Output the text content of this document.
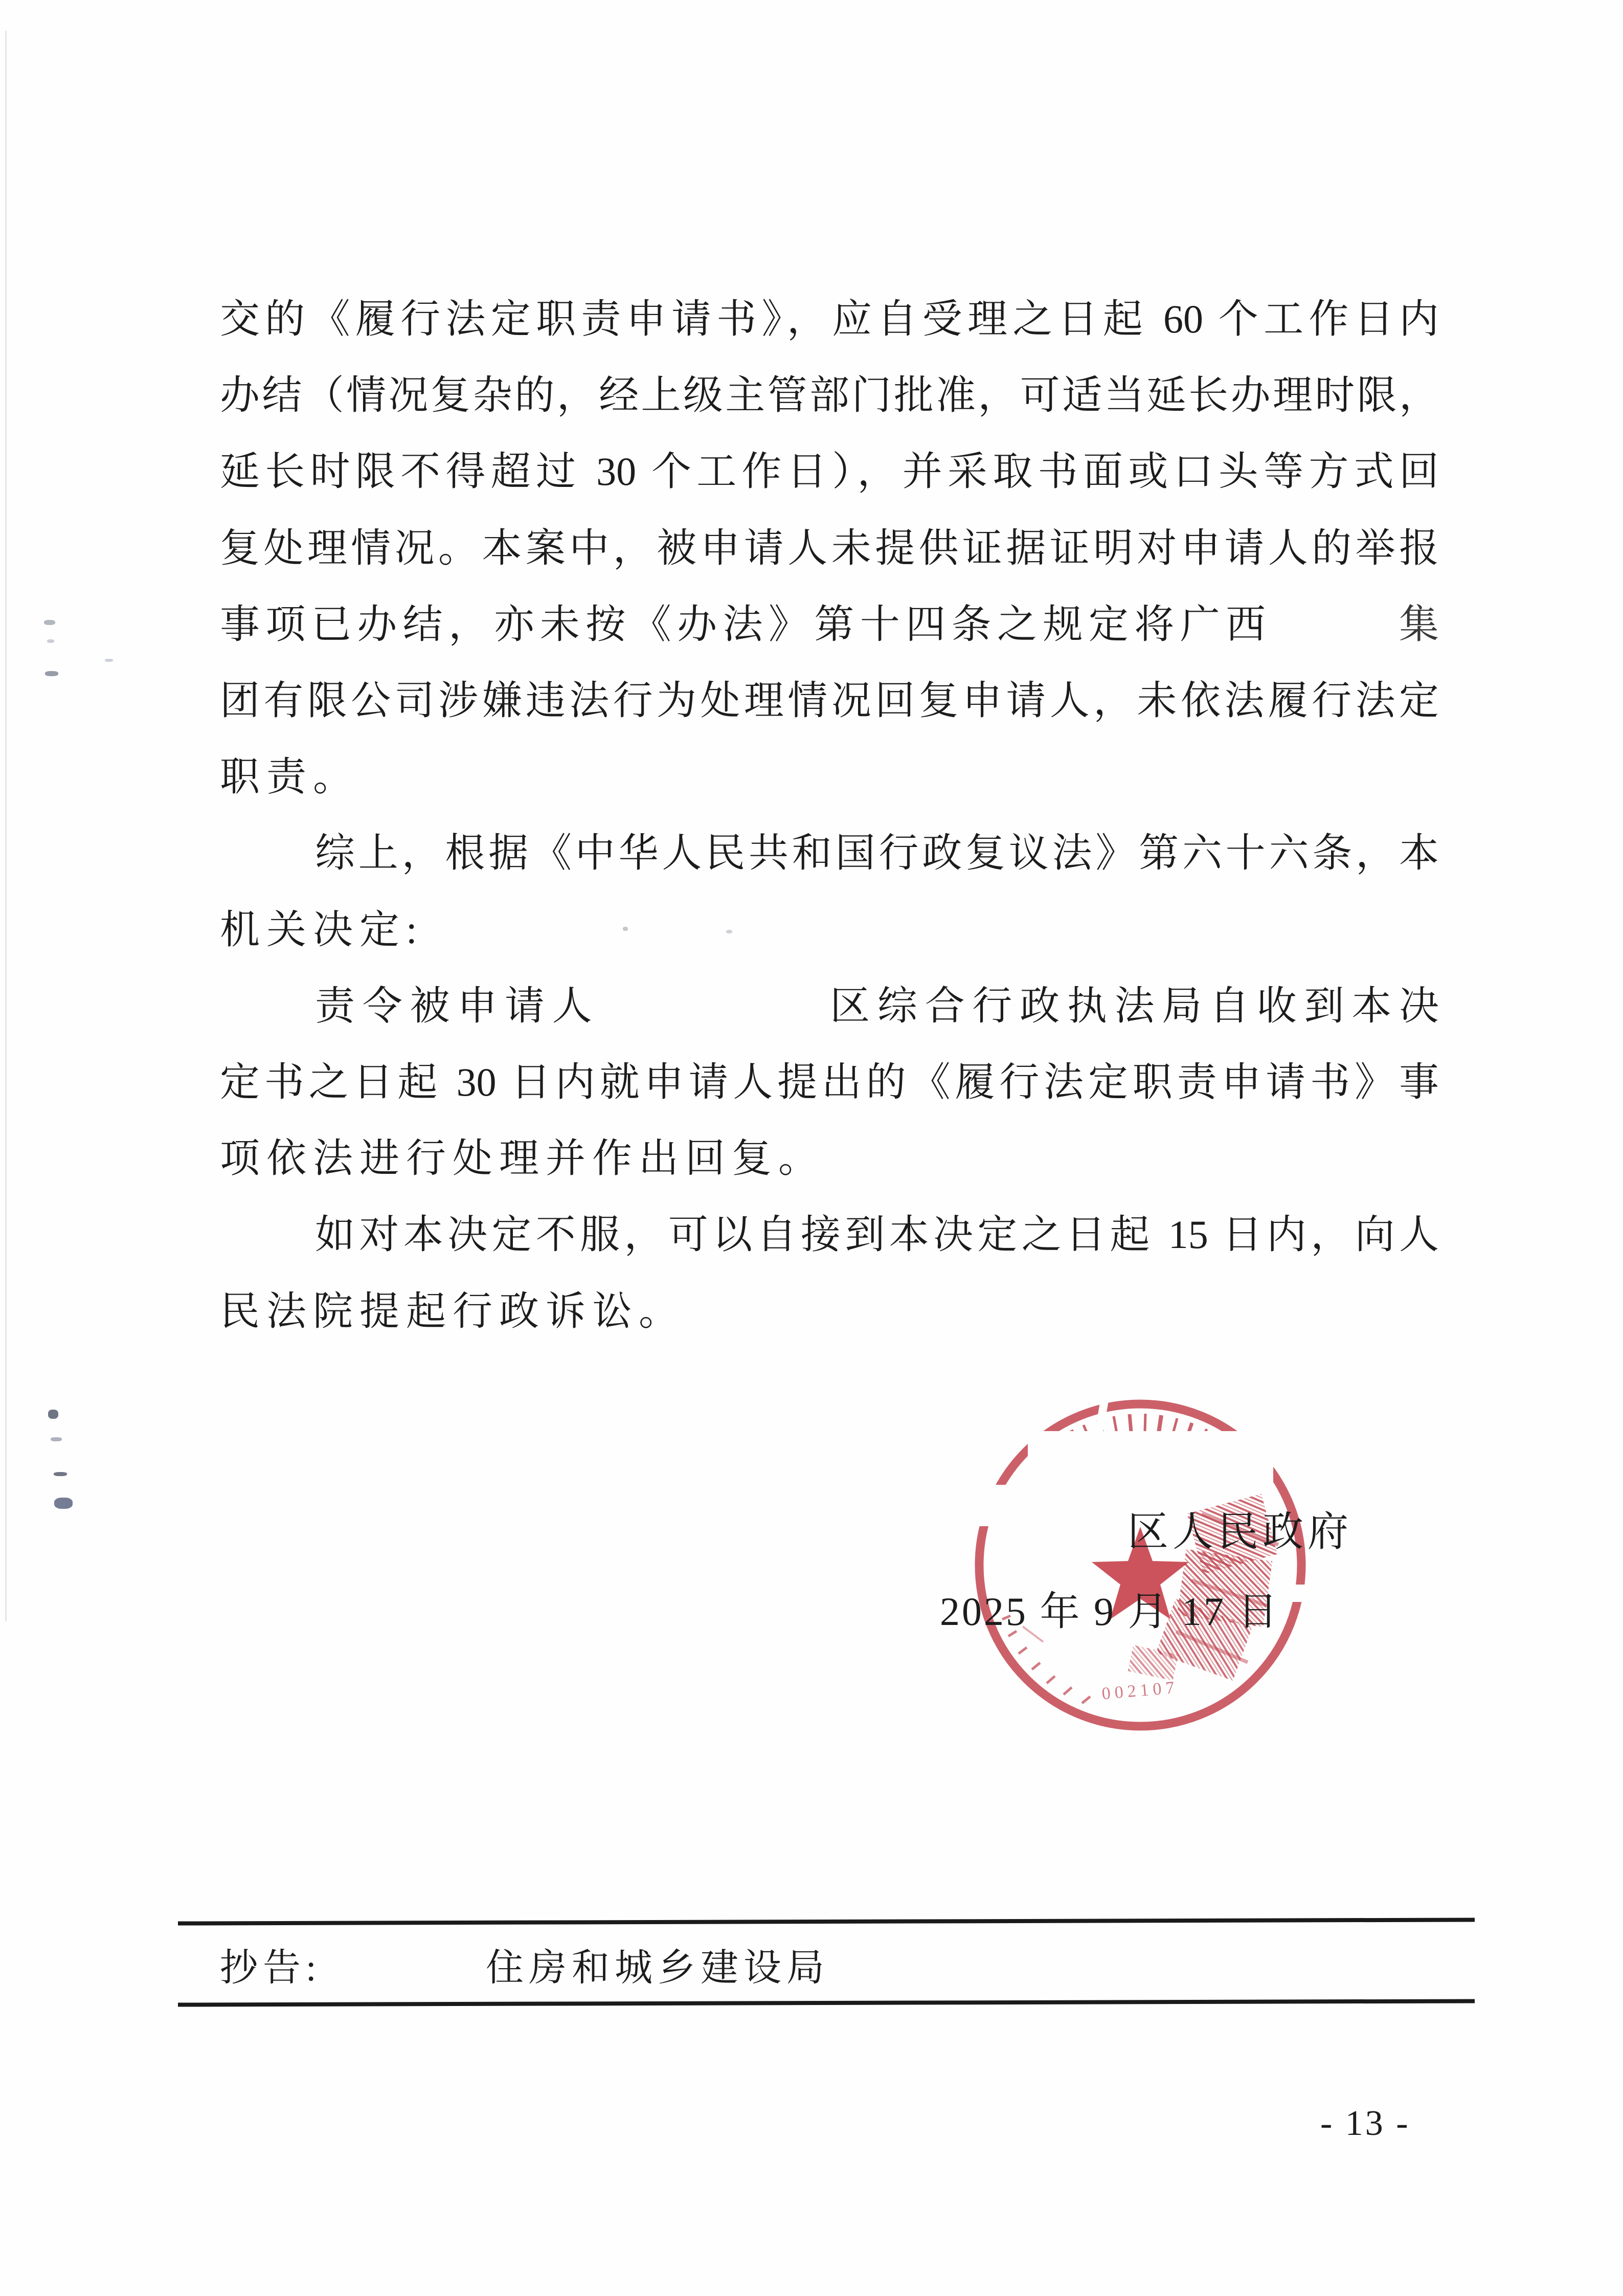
交的《履行法定职责申请书》，应自受理之日起 60 个工作日内
办结（情况复杂的，经上级主管部门批准，可适当延长办理时限，
延长时限不得超过 30 个工作日），并采取书面或口头等方式回
复处理情况。本案中，被申请人未提供证据证明对申请人的举报
事项已办结，亦未按《办法》第十四条之规定将广西	集
团有限公司涉嫌违法行为处理情况回复申请人，未依法履行法定
职责。
综上，根据《中华人民共和国行政复议法》第六十六条，本
机关决定:
责令被申请人	区综合行政执法局自收到本决
定书之日起 30 日内就申请人提出的《履行法定职责申请书》事
项依法进行处理并作出回复。
如对本决定不服，可以自接到本决定之日起 15 日内，向人
民法院提起行政诉讼。
002107
区人民政府
2025 年 9 月 17 日
抄告:	住房和城乡建设局
- 13 -
